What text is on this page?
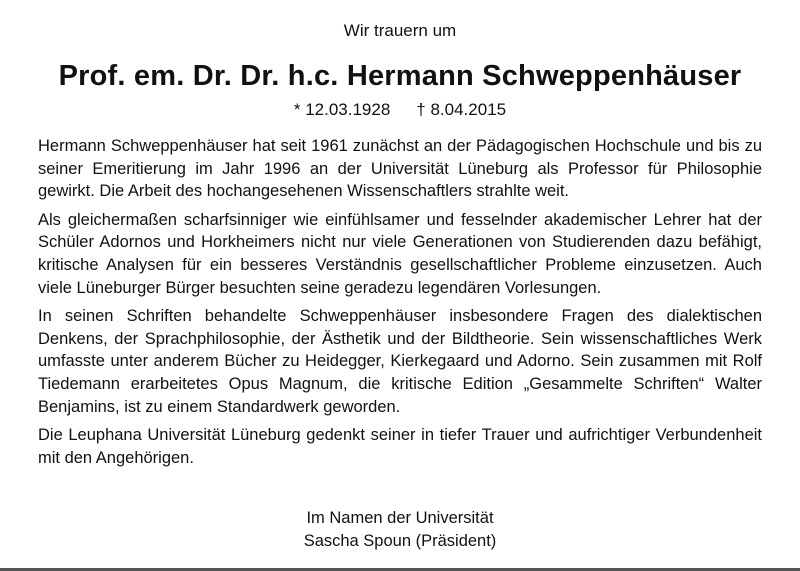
Wir trauern um
Prof. em. Dr. Dr. h.c. Hermann Schweppenhäuser
* 12.03.1928 † 8.04.2015

Hermann Schweppenhäuser hat seit 1961 zunächst an der Pädagogischen Hochschule und bis zu seiner Emeritierung im Jahr 1996 an der Universität Lüneburg als Professor für Philosophie gewirkt. Die Arbeit des hochangesehenen Wissenschaftlers strahlte weit.

Als gleichermaßen scharfsinniger wie einfühlsamer und fesselnder akademischer Lehrer hat der Schüler Adornos und Horkheimers nicht nur viele Generationen von Studierenden dazu befähigt, kritische Analysen für ein besseres Verständnis gesellschaftlicher Probleme einzusetzen. Auch viele Lüneburger Bürger besuchten seine geradezu legendären Vorlesungen.

In seinen Schriften behandelte Schweppenhäuser insbesondere Fragen des dialektischen Denkens, der Sprachphilosophie, der Ästhetik und der Bildtheorie. Sein wissenschaftliches Werk umfasste unter anderem Bücher zu Heidegger, Kierkegaard und Adorno. Sein zusammen mit Rolf Tiedemann erarbeitetes Opus Magnum, die kritische Edition „Gesammelte Schriften“ Walter Benjamins, ist zu einem Standardwerk geworden.

Die Leuphana Universität Lüneburg gedenkt seiner in tiefer Trauer und aufrichtiger Verbundenheit mit den Angehörigen.

Im Namen der Universität
Sascha Spoun (Präsident)
